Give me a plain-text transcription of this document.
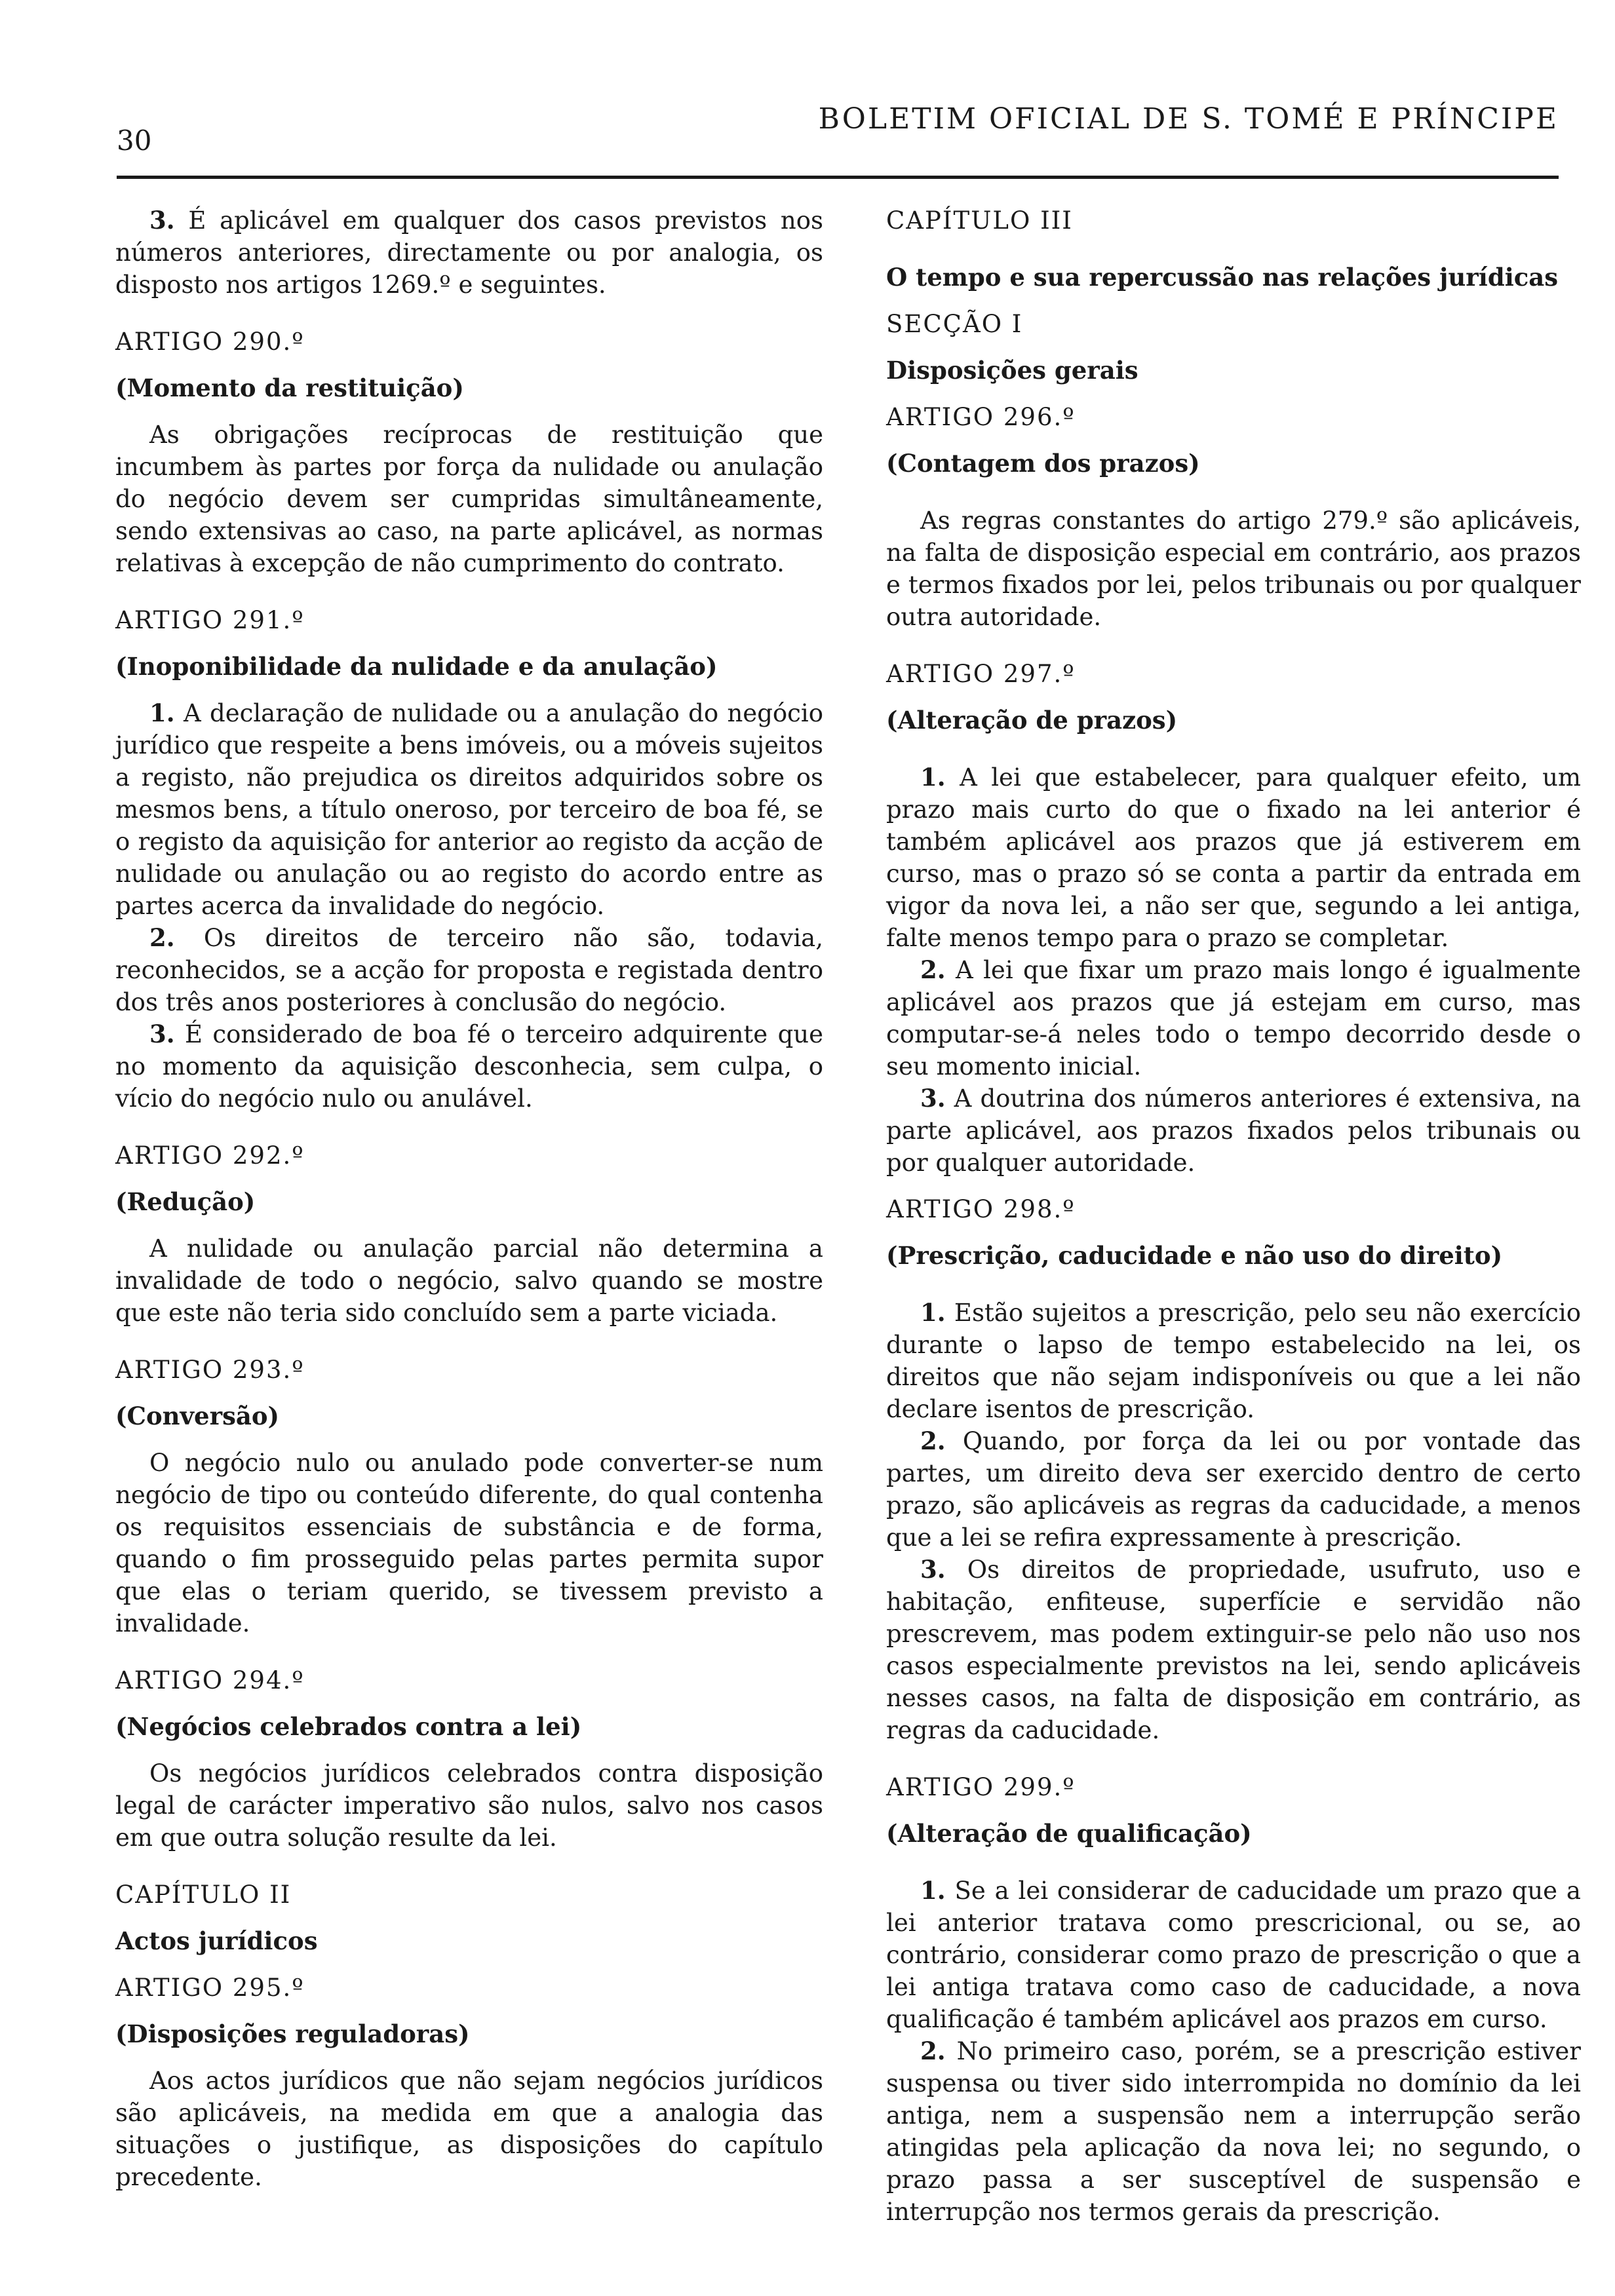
30
BOLETIM OFICIAL DE S. TOMÉ E PRÍNCIPE

3. É aplicável em qualquer dos casos previstos nos números anteriores, directamente ou por analogia, os disposto nos artigos 1269.º e seguintes.

ARTIGO 290.º

(Momento da restituição)

As obrigações recíprocas de restituição que incumbem às partes por força da nulidade ou anulação do negócio devem ser cumpridas simultâneamente, sendo extensivas ao caso, na parte aplicável, as normas relativas à excepção de não cumprimento do contrato.

ARTIGO 291.º

(Inoponibilidade da nulidade e da anulação)

1. A declaração de nulidade ou a anulação do negócio jurídico que respeite a bens imóveis, ou a móveis sujeitos a registo, não prejudica os direitos adquiridos sobre os mesmos bens, a título oneroso, por terceiro de boa fé, se o registo da aquisição for anterior ao registo da acção de nulidade ou anulação ou ao registo do acordo entre as partes acerca da invalidade do negócio.

2. Os direitos de terceiro não são, todavia, reconhecidos, se a acção for proposta e registada dentro dos três anos posteriores à conclusão do negócio.

3. É considerado de boa fé o terceiro adquirente que no momento da aquisição desconhecia, sem culpa, o vício do negócio nulo ou anulável.

ARTIGO 292.º

(Redução)

A nulidade ou anulação parcial não determina a invalidade de todo o negócio, salvo quando se mostre que este não teria sido concluído sem a parte viciada.

ARTIGO 293.º

(Conversão)

O negócio nulo ou anulado pode converter-se num negócio de tipo ou conteúdo diferente, do qual contenha os requisitos essenciais de substância e de forma, quando o fim prosseguido pelas partes permita supor que elas o teriam querido, se tivessem previsto a invalidade.

ARTIGO 294.º

(Negócios celebrados contra a lei)

Os negócios jurídicos celebrados contra disposição legal de carácter imperativo são nulos, salvo nos casos em que outra solução resulte da lei.

CAPÍTULO II

Actos jurídicos

ARTIGO 295.º

(Disposições reguladoras)

Aos actos jurídicos que não sejam negócios jurídicos são aplicáveis, na medida em que a analogia das situações o justifique, as disposições do capítulo precedente.

CAPÍTULO III

O tempo e sua repercussão nas relações jurídicas

SECÇÃO I

Disposições gerais

ARTIGO 296.º

(Contagem dos prazos)

As regras constantes do artigo 279.º são aplicáveis, na falta de disposição especial em contrário, aos prazos e termos fixados por lei, pelos tribunais ou por qualquer outra autoridade.

ARTIGO 297.º

(Alteração de prazos)

1. A lei que estabelecer, para qualquer efeito, um prazo mais curto do que o fixado na lei anterior é também aplicável aos prazos que já estiverem em curso, mas o prazo só se conta a partir da entrada em vigor da nova lei, a não ser que, segundo a lei antiga, falte menos tempo para o prazo se completar.

2. A lei que fixar um prazo mais longo é igualmente aplicável aos prazos que já estejam em curso, mas computar-se-á neles todo o tempo decorrido desde o seu momento inicial.

3. A doutrina dos números anteriores é extensiva, na parte aplicável, aos prazos fixados pelos tribunais ou por qualquer autoridade.

ARTIGO 298.º

(Prescrição, caducidade e não uso do direito)

1. Estão sujeitos a prescrição, pelo seu não exercício durante o lapso de tempo estabelecido na lei, os direitos que não sejam indisponíveis ou que a lei não declare isentos de prescrição.

2. Quando, por força da lei ou por vontade das partes, um direito deva ser exercido dentro de certo prazo, são aplicáveis as regras da caducidade, a menos que a lei se refira expressamente à prescrição.

3. Os direitos de propriedade, usufruto, uso e habitação, enfiteuse, superfície e servidão não prescrevem, mas podem extinguir-se pelo não uso nos casos especialmente previstos na lei, sendo aplicáveis nesses casos, na falta de disposição em contrário, as regras da caducidade.

ARTIGO 299.º

(Alteração de qualificação)

1. Se a lei considerar de caducidade um prazo que a lei anterior tratava como prescricional, ou se, ao contrário, considerar como prazo de prescrição o que a lei antiga tratava como caso de caducidade, a nova qualificação é também aplicável aos prazos em curso.

2. No primeiro caso, porém, se a prescrição estiver suspensa ou tiver sido interrompida no domínio da lei antiga, nem a suspensão nem a interrupção serão atingidas pela aplicação da nova lei; no segundo, o prazo passa a ser susceptível de suspensão e interrupção nos termos gerais da prescrição.
